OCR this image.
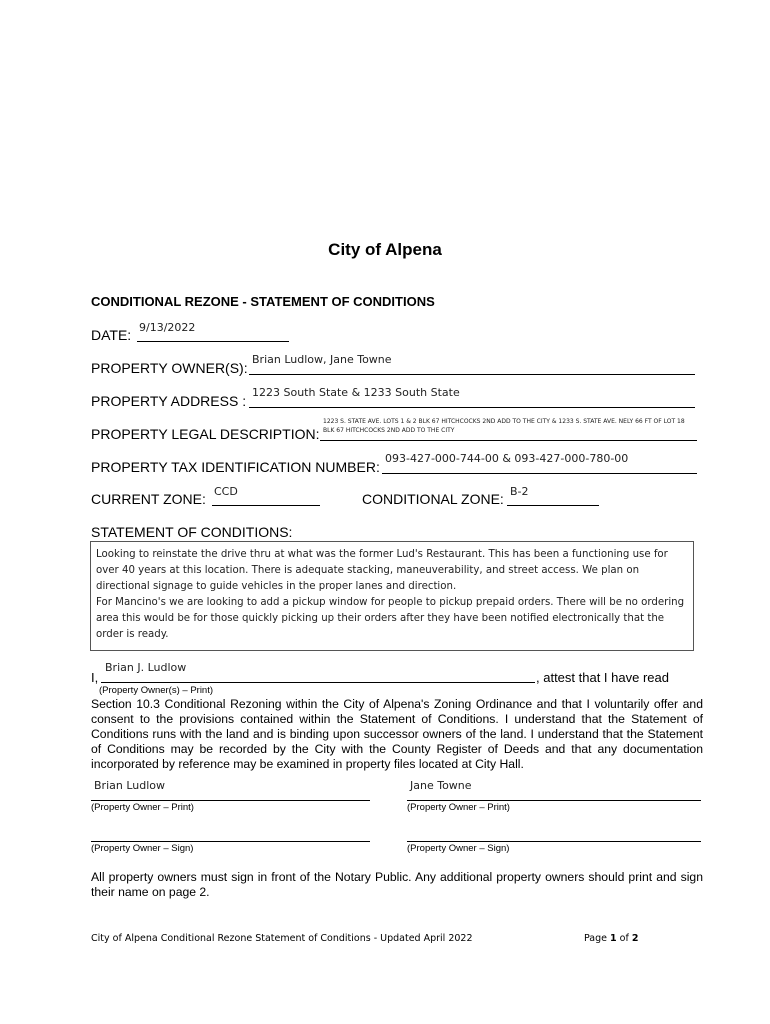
City of Alpena
CONDITIONAL REZONE - STATEMENT OF CONDITIONS
DATE: 9/13/2022
PROPERTY OWNER(S):
Brian Ludlow, Jane Towne
PROPERTY ADDRESS :
1223 South State & 1233 South State
PROPERTY LEGAL DESCRIPTION:
1223 S. STATE AVE. LOTS 1 & 2 BLK 67 HITCHCOCKS 2ND ADD TO THE CITY & 1233 S. STATE AVE. NELY 66 FT OF LOT 18 BLK 67 HITCHCOCKS 2ND ADD TO THE CITY
PROPERTY TAX IDENTIFICATION NUMBER:
093-427-000-744-00 & 093-427-000-780-00
CURRENT ZONE: CCD	CONDITIONAL ZONE: B-2
STATEMENT OF CONDITIONS:

Looking to reinstate the drive thru at what was the former Lud's Restaurant. This has been a functioning use for over 40 years at this location. There is adequate stacking, maneuverability, and street access. We plan on directional signage to guide vehicles in the proper lanes and direction.

For Mancino's we are looking to add a pickup window for people to pickup prepaid orders. There will be no ordering area this would be for those quickly picking up their orders after they have been notified electronically that the order is ready.

I,
Brian J. Ludlow
, attest that I have read
(Property Owner(s) – Print)
Section 10.3 Conditional Rezoning within the City of Alpena's Zoning Ordinance and that I voluntarily offer and consent to the provisions contained within the Statement of Conditions. I understand that the Statement of Conditions runs with the land and is binding upon successor owners of the land. I understand that the Statement of Conditions may be recorded by the City with the County Register of Deeds and that any documentation incorporated by reference may be examined in property files located at City Hall.
Brian Ludlow
(Property Owner – Print)
Jane Towne
(Property Owner – Print)
(Property Owner – Sign)	(Property Owner – Sign)
All property owners must sign in front of the Notary Public. Any additional property owners should print and sign their name on page 2.
City of Alpena Conditional Rezone Statement of Conditions - Updated April 2022	Page 1 of 2
